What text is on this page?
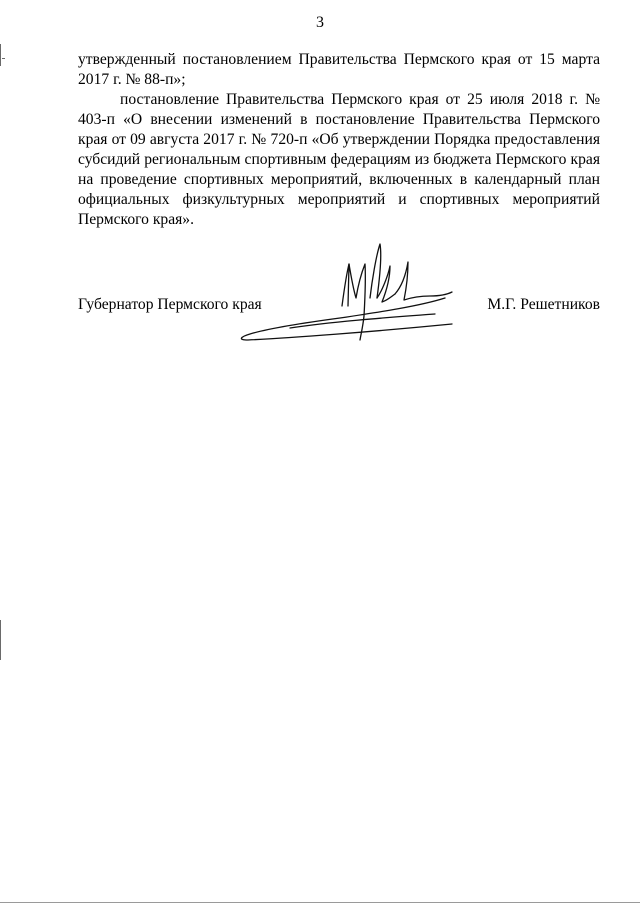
3

утвержденный постановлением Правительства Пермского края от 15 марта 2017 г. № 88-п»;

постановление Правительства Пермского края от 25 июля 2018 г. № 403-п «О внесении изменений в постановление Правительства Пермского края от 09 августа 2017 г. № 720-п «Об утверждении Порядка предоставления субсидий региональным спортивным федерациям из бюджета Пермского края на проведение спортивных мероприятий, включенных в календарный план официальных физкультурных мероприятий и спортивных мероприятий Пермского края».

Губернатор Пермского края	М.Г. Решетников
